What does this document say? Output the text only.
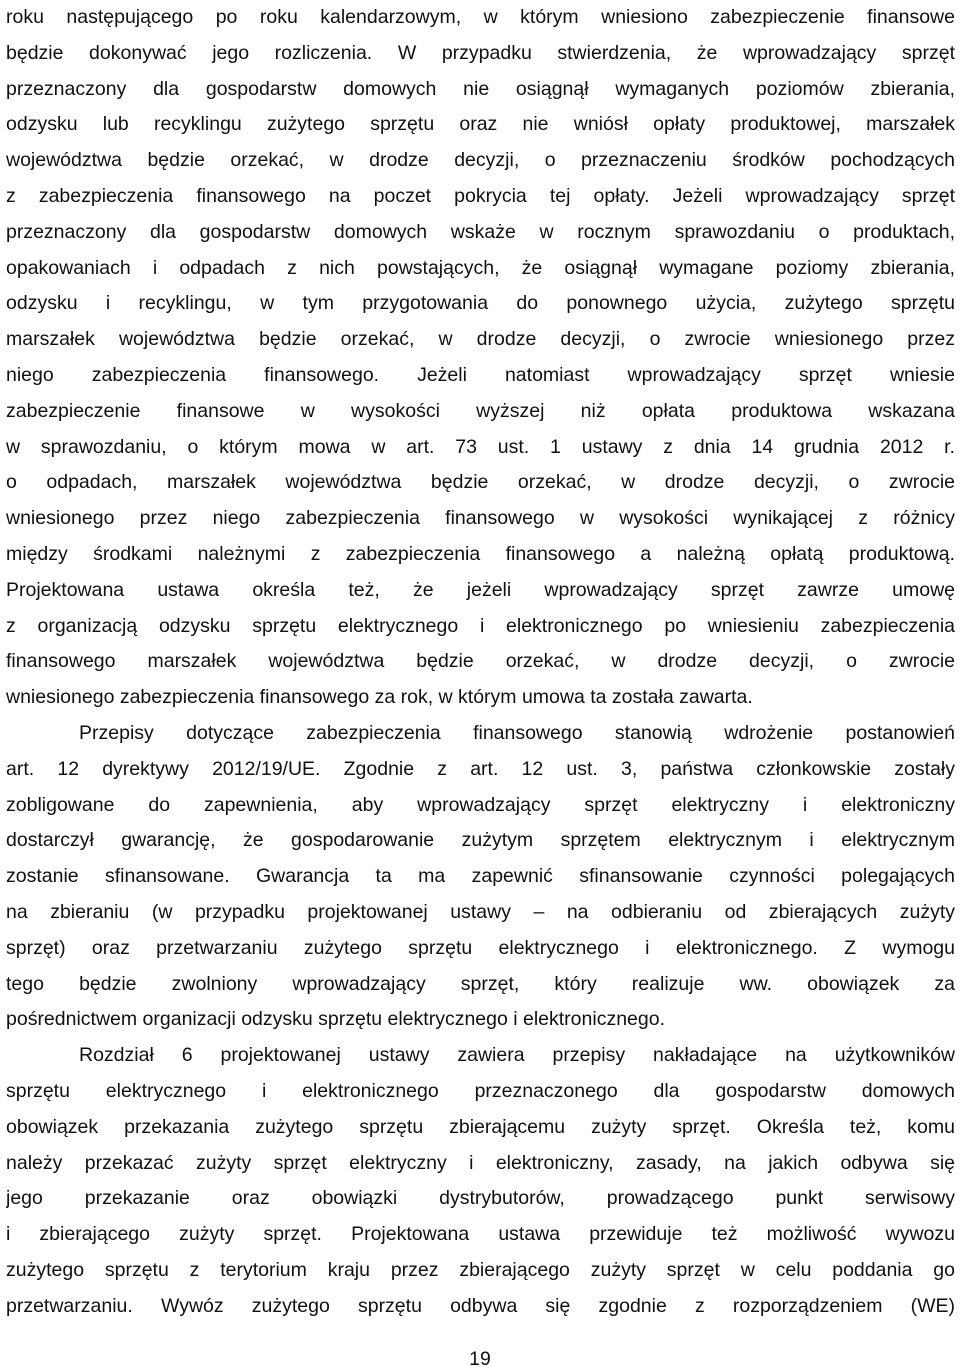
roku następującego po roku kalendarzowym, w którym wniesiono zabezpieczenie finansowe
będzie dokonywać jego rozliczenia. W przypadku stwierdzenia, że wprowadzający sprzęt
przeznaczony dla gospodarstw domowych nie osiągnął wymaganych poziomów zbierania,
odzysku lub recyklingu zużytego sprzętu oraz nie wniósł opłaty produktowej, marszałek
województwa będzie orzekać, w drodze decyzji, o przeznaczeniu środków pochodzących
z zabezpieczenia finansowego na poczet pokrycia tej opłaty. Jeżeli wprowadzający sprzęt
przeznaczony dla gospodarstw domowych wskaże w rocznym sprawozdaniu o produktach,
opakowaniach i odpadach z nich powstających, że osiągnął wymagane poziomy zbierania,
odzysku i recyklingu, w tym przygotowania do ponownego użycia, zużytego sprzętu
marszałek województwa będzie orzekać, w drodze decyzji, o zwrocie wniesionego przez
niego zabezpieczenia finansowego. Jeżeli natomiast wprowadzający sprzęt wniesie
zabezpieczenie finansowe w wysokości wyższej niż opłata produktowa wskazana
w sprawozdaniu, o którym mowa w art. 73 ust. 1 ustawy z dnia 14 grudnia 2012 r.
o odpadach, marszałek województwa będzie orzekać, w drodze decyzji, o zwrocie
wniesionego przez niego zabezpieczenia finansowego w wysokości wynikającej z różnicy
między środkami należnymi z zabezpieczenia finansowego a należną opłatą produktową.
Projektowana ustawa określa też, że jeżeli wprowadzający sprzęt zawrze umowę
z organizacją odzysku sprzętu elektrycznego i elektronicznego po wniesieniu zabezpieczenia
finansowego marszałek województwa będzie orzekać, w drodze decyzji, o zwrocie
wniesionego zabezpieczenia finansowego za rok, w którym umowa ta została zawarta.
Przepisy dotyczące zabezpieczenia finansowego stanowią wdrożenie postanowień
art. 12 dyrektywy 2012/19/UE. Zgodnie z art. 12 ust. 3, państwa członkowskie zostały
zobligowane do zapewnienia, aby wprowadzający sprzęt elektryczny i elektroniczny
dostarczył gwarancję, że gospodarowanie zużytym sprzętem elektrycznym i elektrycznym
zostanie sfinansowane. Gwarancja ta ma zapewnić sfinansowanie czynności polegających
na zbieraniu (w przypadku projektowanej ustawy – na odbieraniu od zbierających zużyty
sprzęt) oraz przetwarzaniu zużytego sprzętu elektrycznego i elektronicznego. Z wymogu
tego będzie zwolniony wprowadzający sprzęt, który realizuje ww. obowiązek za
pośrednictwem organizacji odzysku sprzętu elektrycznego i elektronicznego.
Rozdział 6 projektowanej ustawy zawiera przepisy nakładające na użytkowników
sprzętu elektrycznego i elektronicznego przeznaczonego dla gospodarstw domowych
obowiązek przekazania zużytego sprzętu zbierającemu zużyty sprzęt. Określa też, komu
należy przekazać zużyty sprzęt elektryczny i elektroniczny, zasady, na jakich odbywa się
jego przekazanie oraz obowiązki dystrybutorów, prowadzącego punkt serwisowy
i zbierającego zużyty sprzęt. Projektowana ustawa przewiduje też możliwość wywozu
zużytego sprzętu z terytorium kraju przez zbierającego zużyty sprzęt w celu poddania go
przetwarzaniu. Wywóz zużytego sprzętu odbywa się zgodnie z rozporządzeniem (WE)
19
